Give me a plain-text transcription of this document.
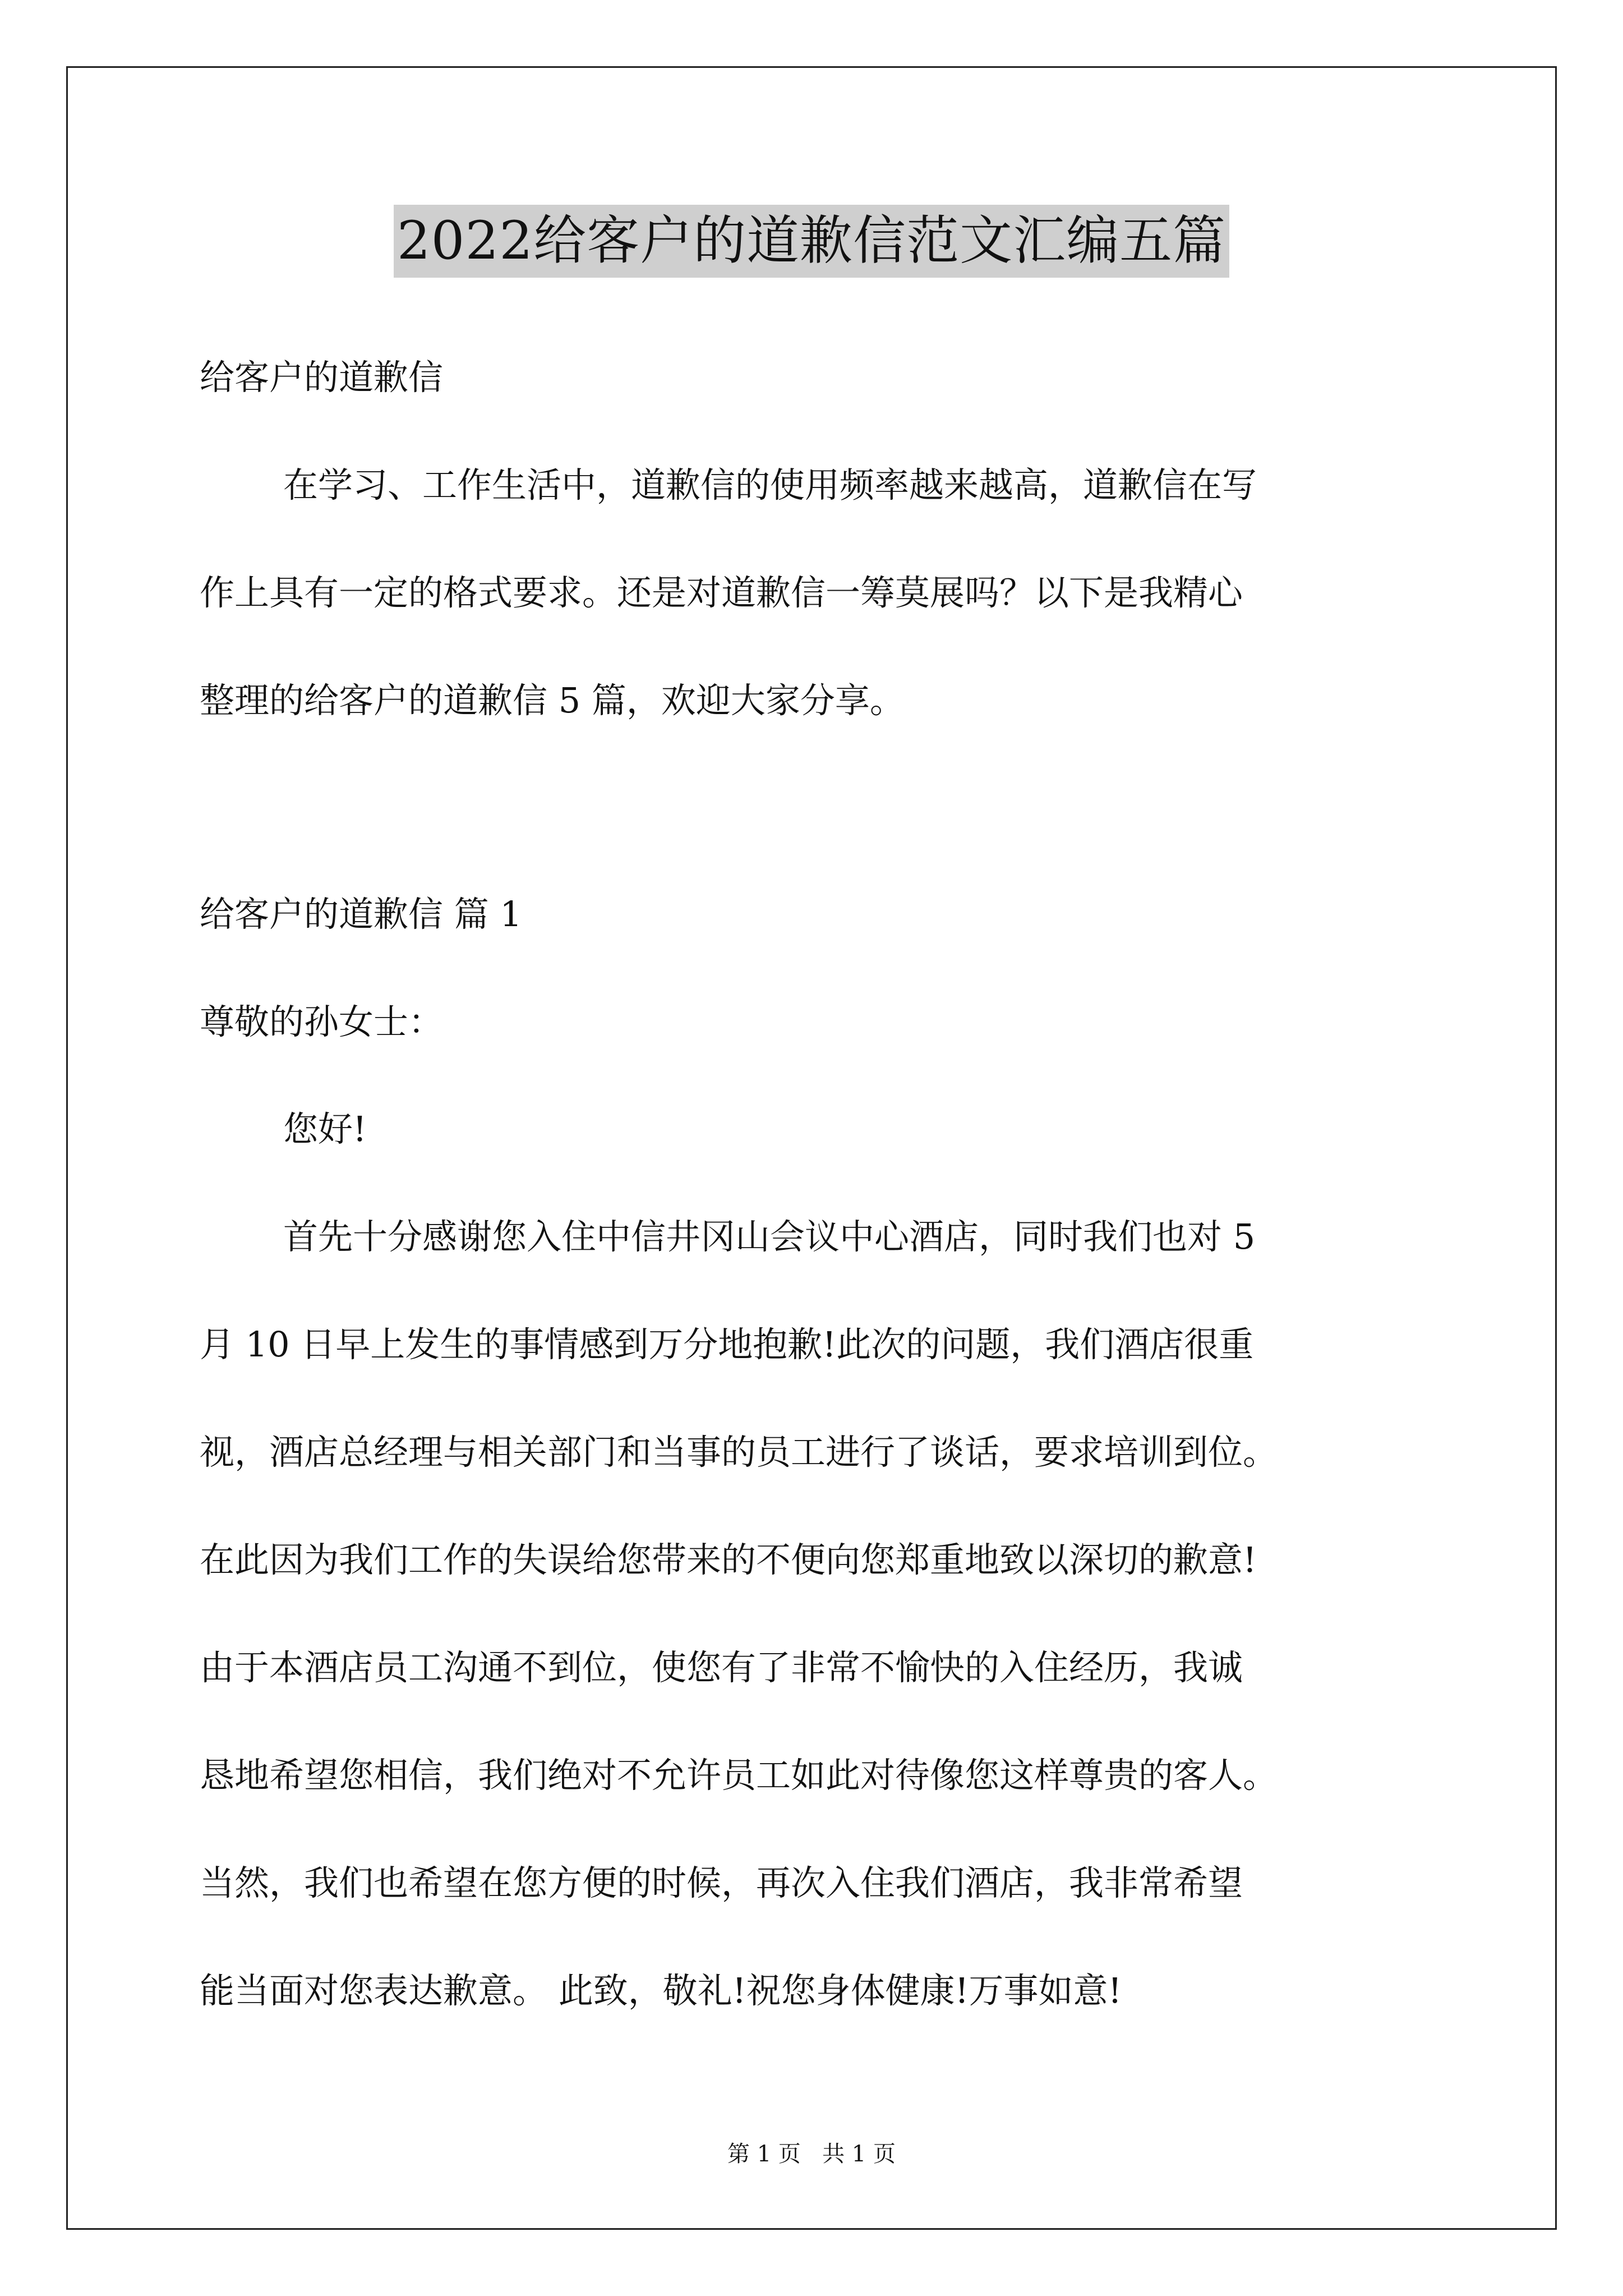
2022给客户的道歉信范文汇编五篇
给客户的道歉信
在学习、工作生活中，道歉信的使用频率越来越高，道歉信在写
作上具有一定的格式要求。还是对道歉信一筹莫展吗？以下是我精心
整理的给客户的道歉信 5 篇，欢迎大家分享。
给客户的道歉信 篇 1
尊敬的孙女士：
您好!
首先十分感谢您入住中信井冈山会议中心酒店，同时我们也对 5
月 10 日早上发生的事情感到万分地抱歉!此次的问题，我们酒店很重
视，酒店总经理与相关部门和当事的员工进行了谈话，要求培训到位。
在此因为我们工作的失误给您带来的不便向您郑重地致以深切的歉意!
由于本酒店员工沟通不到位，使您有了非常不愉快的入住经历，我诚
恳地希望您相信，我们绝对不允许员工如此对待像您这样尊贵的客人。
当然，我们也希望在您方便的时候，再次入住我们酒店，我非常希望
能当面对您表达歉意。 此致，敬礼!祝您身体健康!万事如意!
第 1 页   共 1 页
